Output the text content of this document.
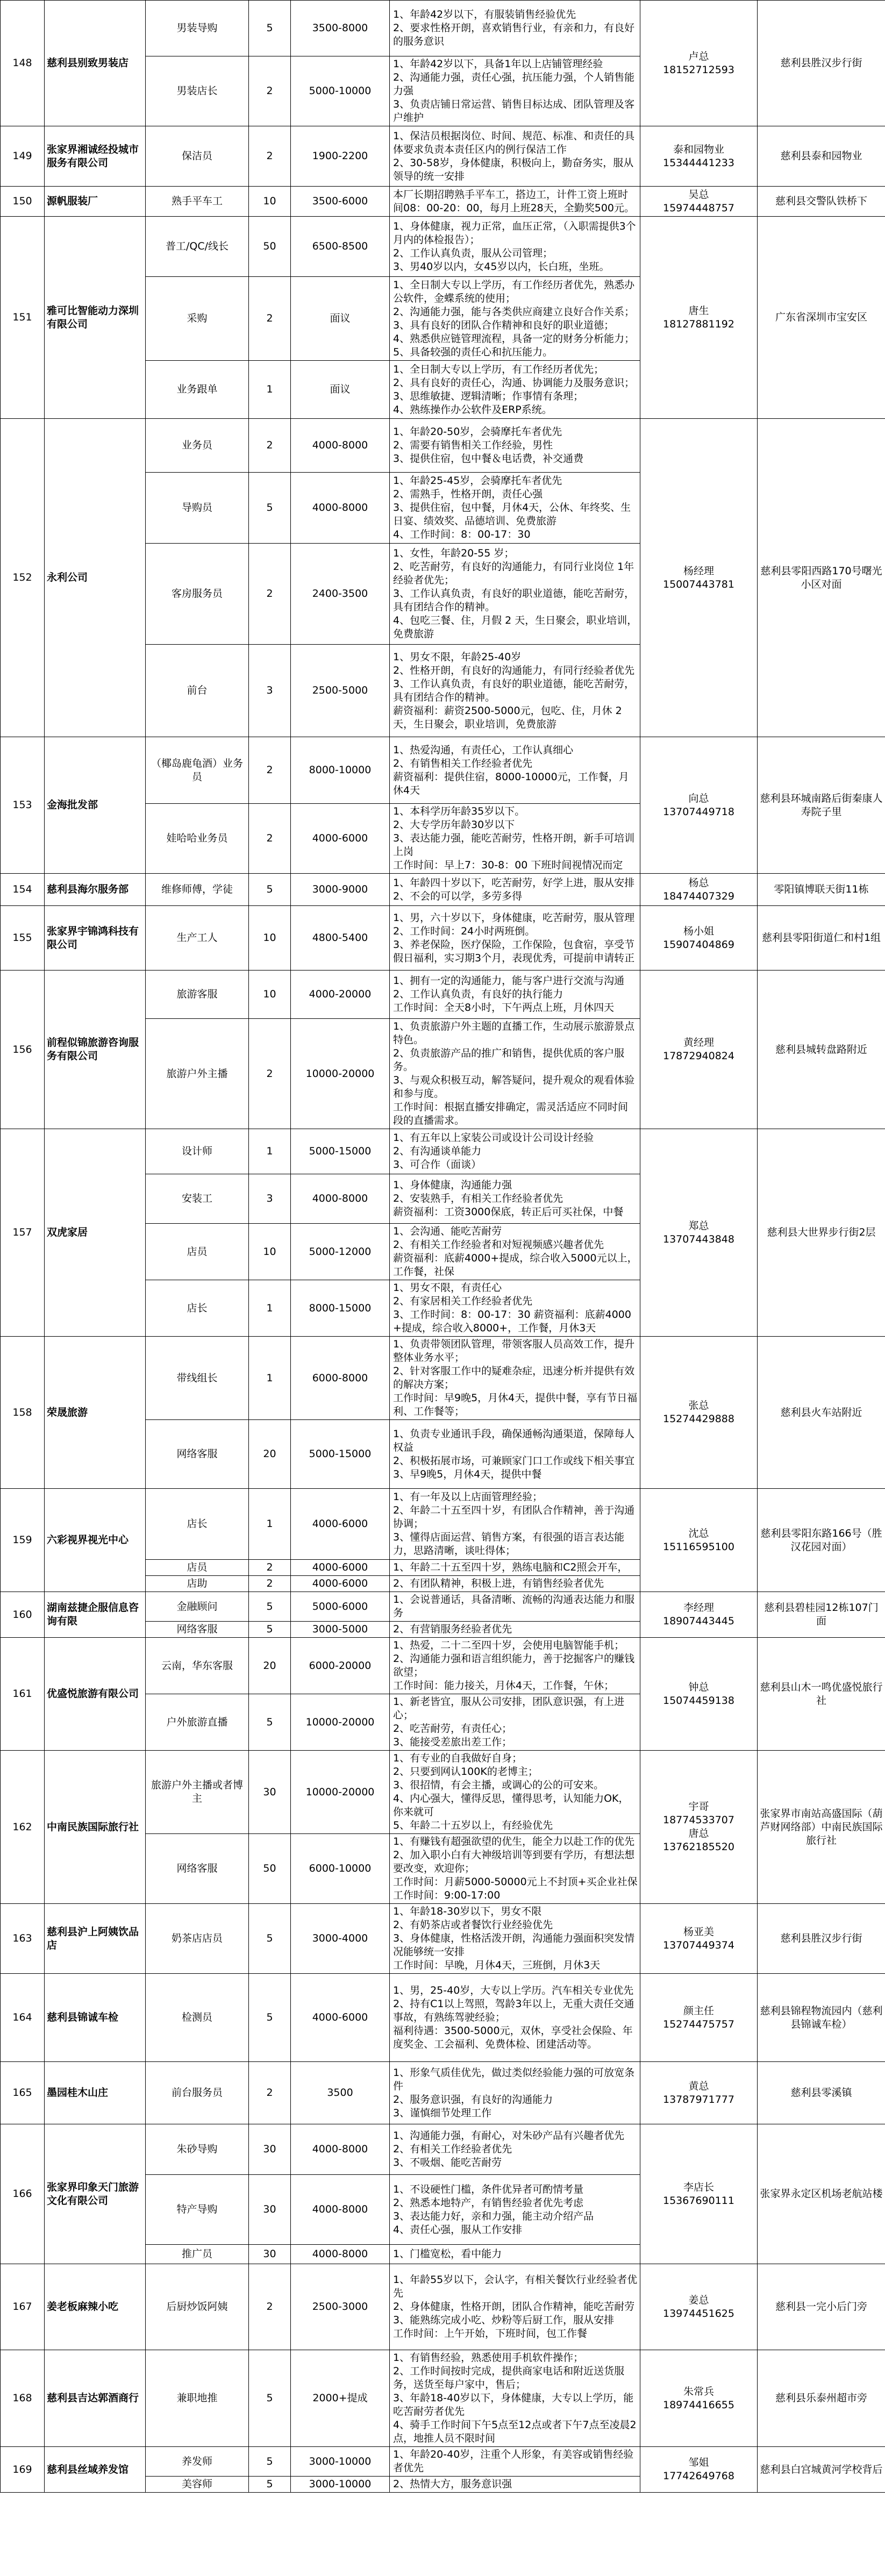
148	慈利县别致男装店	男装导购	5	3500-8000	1、年龄42岁以下，有服装销售经验优先
2、要求性格开朗，喜欢销售行业，有亲和力，有良好的服务意识	卢总
18152712593	慈利县胜汉步行街
		男装店长	2	5000-10000	1、年龄42岁以下，具备1年以上店铺管理经验
2、沟通能力强，责任心强，抗压能力强，个人销售能力强
3、负责店铺日常运营、销售目标达成、团队管理及客户维护		
149	张家界湘诚经投城市服务有限公司	保洁员	2	1900-2200	1、保洁员根据岗位、时间、规范、标准、和责任的具体要求负责本责任区内的例行保洁工作
2、30-58岁，身体健康，积极向上，勤奋务实，服从领导的统一安排	泰和园物业
15344441233	慈利县泰和园物业
150	源帆服装厂	熟手平车工	10	3500-6000	本厂长期招聘熟手平车工，搭边工，计件工资上班时间08：00-20：00，每月上班28天，全勤奖500元。	吴总
15974448757	慈利县交警队铁桥下
151	雅可比智能动力深圳有限公司	普工/QC/线长	50	6500-8500	1、身体健康，视力正常，血压正常，（入职需提供3个月内的体检报告）；
2、工作认真负责，服从公司管理；
3、男40岁以内，女45岁以内，长白班，坐班。	唐生
18127881192	广东省深圳市宝安区
		采购	2	面议	1、全日制大专以上学历，有工作经历者优先，熟悉办公软件，金蝶系统的使用；
2、沟通能力强，能与各类供应商建立良好合作关系；
3、具有良好的团队合作精神和良好的职业道德；
4、熟悉供应链管理流程，具备一定的财务分析能力；
5、具备较强的责任心和抗压能力。		
		业务跟单	1	面议	1、全日制大专以上学历，有工作经历者优先；
2、具有良好的责任心，沟通、协调能力及服务意识；
3、思维敏捷、逻辑清晰；作事情有条理；
4、熟练操作办公软件及ERP系统。		
152	永利公司	业务员	2	4000-8000	1、年龄20-50岁，会骑摩托车者优先
2、需要有销售相关工作经验，男性
3、提供住宿，包中餐＆电话费，补交通费	杨经理
15007443781	慈利县零阳西路170号曙光小区对面
		导购员	5	4000-8000	1、年龄25-45岁，会骑摩托车者优先
2、需熟手，性格开朗，责任心强
3、提供住宿，包中餐，月休4天，公休、年终奖、生日宴、绩效奖、品德培训、免费旅游
4、工作时间：8：00-17：30		
		客房服务员	2	2400-3500	1、女性，年龄20-55 岁；
2、吃苦耐劳，有良好的沟通能力，有同行业岗位 1年经验者优先；
3、工作认真负责，有良好的职业道德，能吃苦耐劳，具有团结合作的精神。
4、包吃三餐、住，月假 2 天，生日聚会，职业培训，免费旅游		
		前台	3	2500-5000	1、男女不限，年龄25-40岁
2、性格开朗，有良好的沟通能力，有同行经验者优先
3、工作认真负责，有良好的职业道德，能吃苦耐劳，具有团结合作的精神。
薪资福利：薪资2500-5000元，包吃、住，月休 2 天，生日聚会，职业培训，免费旅游		
153	金海批发部	（椰岛鹿龟酒）业务员	2	8000-10000	1、热爱沟通，有责任心，工作认真细心
2、有销售相关工作经验者优先
薪资福利：提供住宿，8000-10000元，工作餐，月休4天	向总
13707449718	慈利县环城南路后街秦康人寿院子里
		娃哈哈业务员	2	4000-6000	1、本科学历年龄35岁以下。
2、大专学历年龄30岁以下
3、表达能力强，能吃苦耐劳，性格开朗，新手可培训上岗
工作时间：早上7：30-8：00 下班时间视情况而定		
154	慈利县海尔服务部	维修师傅，学徒	5	3000-9000	1、年龄四十岁以下，吃苦耐劳，好学上进，服从安排
2、不会的可以学，多劳多得	杨总
18474407329	零阳镇博联天街11栋
155	张家界宇锦鸿科技有限公司	生产工人	10	4800-5400	1、男，六十岁以下，身体健康，吃苦耐劳，服从管理
2、工作时间：24小时两班倒。
3、养老保险，医疗保险，工作保险，包食宿，享受节假日福利，实习期3个月，表现优秀，可提前申请转正	杨小姐
15907404869	慈利县零阳街道仁和村1组
156	前程似锦旅游咨询服务有限公司	旅游客服	10	4000-20000	1、拥有一定的沟通能力，能与客户进行交流与沟通
2、工作认真负责，有良好的执行能力
工作时间：全天8小时，下午两点上班，月休四天	黄经理
17872940824	慈利县城转盘路附近
		旅游户外主播	2	10000-20000	1、负责旅游户外主题的直播工作，生动展示旅游景点特色。
2、负责旅游产品的推广和销售，提供优质的客户服务。
3、与观众积极互动，解答疑问，提升观众的观看体验和参与度。
工作时间：根据直播安排确定，需灵活适应不同时间段的直播需求。		
157	双虎家居	设计师	1	5000-15000	1、有五年以上家装公司或设计公司设计经验
2、有沟通谈单能力
3、可合作（面谈）	郑总
13707443848	慈利县大世界步行街2层
		安装工	3	4000-8000	1、身体健康，沟通能力强
2、安装熟手，有相关工作经验者优先
薪资福利：工资3000保底，转正后可买社保，中餐		
		店员	10	5000-12000	1、会沟通、能吃苦耐劳
2、有相关工作经验者和对短视频感兴趣者优先
薪资福利：底薪4000+提成，综合收入5000元以上，工作餐，社保		
		店长	1	8000-15000	1、男女不限，有责任心
2、有家居相关工作经验者优先
3、工作时间：8：00-17：30 薪资福利：底薪4000+提成，综合收入8000+，工作餐，月休3天		
158	荣晟旅游	带线组长	1	6000-8000	1、负责带领团队管理，带领客服人员高效工作，提升整体业务水平；
2、针对客服工作中的疑难杂症，迅速分析并提供有效的解决方案；
工作时间：早9晚5，月休4天，提供中餐，享有节日福利、工作餐等；	张总
15274429888	慈利县火车站附近
		网络客服	20	5000-15000	1、负责专业通讯手段，确保通畅沟通渠道，保障每人权益
2、积极拓展市场，可兼顾家门口工作或线下相关事宜
3、早9晚5，月休4天，提供中餐		
159	六彩视界视光中心	店长	1	4000-6000	1、有一年及以上店面管理经验；
2、年龄二十五至四十岁，有团队合作精神，善于沟通协调；
3、懂得店面运营、销售方案，有很强的语言表达能力，思路清晰，谈吐得体；	沈总
15116595100	慈利县零阳东路166号（胜汉花园对面）
		店员	2	4000-6000	1、年龄二十五至四十岁，熟练电脑和C2照会开车，		
		店助	2	4000-6000	2、有团队精神，积极上进，有销售经验者优先		
160	湖南兹捷企服信息咨询有限	金融顾问	5	5000-6000	1、会说普通话，具备清晰、流畅的沟通表达能力和服务	李经理
18907443445	慈利县碧桂园12栋107门面
		网络客服	5	3000-5000	2、有营销服务经验者优先		
161	优盛悦旅游有限公司	云南，华东客服	20	6000-20000	1、热爱，二十二至四十岁，会使用电脑智能手机；
2、沟通能力强和语言组织能力，善于挖掘客户的赚钱欲望；
工作时间：能力接关，月休4天，工作餐，午休；	钟总
15074459138	慈利县山木一鸣优盛悦旅行社
		户外旅游直播	5	10000-20000	1、新老皆宜，服从公司安排，团队意识强，有上进心；
2、吃苦耐劳，有责任心；
3、能接受差旅出差工作；		
162	中南民族国际旅行社	旅游户外主播或者博主	30	10000-20000	1、有专业的自我做好自身；
2、只要到网认100K的老博主；
3、很招情，有会主播，或调心的公的可安来。
4、内心强大，懂得反思，懂得思考，认知能力OK，你来就可
5、年龄二十五岁以上，有经验优先	宇哥
18774533707
唐总
13762185520	张家界市南站高盛国际（葫芦财网络部）中南民族国际旅行社
		网络客服	50	6000-10000	1、有赚钱有超强欲望的优生，能全力以赴工作的优先
2、加入职小白有大神级培训等到要有学历，有想法想要改变，欢迎你；
工作时间：月薪5000-50000元上不封顶+买企业社保
工作时间：9:00-17:00		
163	慈利县沪上阿姨饮品店	奶茶店店员	5	3000-4000	1、年龄18-30岁以下，男女不限
2、有奶茶店或者餐饮行业经验优先
3、身体健康，性格活泼开朗，沟通能力强面积突发情况能够统一安排
工作时间：早晚，月休4天，三班倒，月休3天	杨亚美
13707449374	慈利县胜汉步行街
164	慈利县锦诚车检	检测员	5	4000-6000	1、男，25-40岁，大专以上学历。汽车相关专业优先
2、持有C1以上驾照，驾龄3年以上，无重大责任交通事故，有熟练驾驶经验；
福利待遇：3500-5000元，双休，享受社会保险、年度奖金、工会福利、免费体检、团建活动等。	颜主任
15274475757	慈利县锦程物流园内（慈利县锦诚车检）
165	墨园桂木山庄	前台服务员	2	3500	1、形象气质佳优先，做过类似经验能力强的可放宽条件
2、服务意识强，有良好的沟通能力
3、谨慎细节处理工作	黄总
13787971777	慈利县零溪镇
166	张家界印象天门旅游文化有限公司	朱砂导购	30	4000-8000	1、沟通能力强，有耐心，对朱砂产品有兴趣者优先
2、有相关工作经验者优先
3、不吸烟、能吃苦耐劳	李店长
15367690111	张家界永定区机场老航站楼
		特产导购	30	4000-8000	1、不设硬性门槛，条件优异者可酌情考量
2、熟悉本地特产，有销售经验者优先考虑
3、表达能力好，亲和力强，能主动介绍产品
4、责任心强，服从工作安排		
		推广员	30	4000-8000	1、门槛宽松，看中能力		
167	姜老板麻辣小吃	后厨炒饭阿姨	2	2500-3000	1、年龄55岁以下，会认字，有相关餐饮行业经验者优先
2、身体健康，性格开朗，团队合作精神，能吃苦耐劳
3、能熟练完成小吃、炒粉等后厨工作，服从安排
工作时间：上午开始，下班时间，包工作餐	姜总
13974451625	慈利县一完小后门旁
168	慈利县吉达郭酒商行	兼职地推	5	2000+提成	1、有销售经验，熟悉使用手机软件操作；
2、工作时间按时完成，提供商家电话和附近送货服务，送货至每户家中，售后；
3、年龄18-40岁以下，身体健康，大专以上学历，能吃苦耐劳者优先
4、骑手工作时间下午5点至12点或者下午7点至凌晨2点，地推人员不限时间	朱常兵
18974416655	慈利县乐泰州超市旁
169	慈利县丝域养发馆	养发师	5	3000-10000	1、年龄20-40岁，注重个人形象，有美容或销售经验者优先	邹姐
17742649768	慈利县白宫城黄河学校背后
		美容师	5	3000-10000	2、热情大方，服务意识强		
